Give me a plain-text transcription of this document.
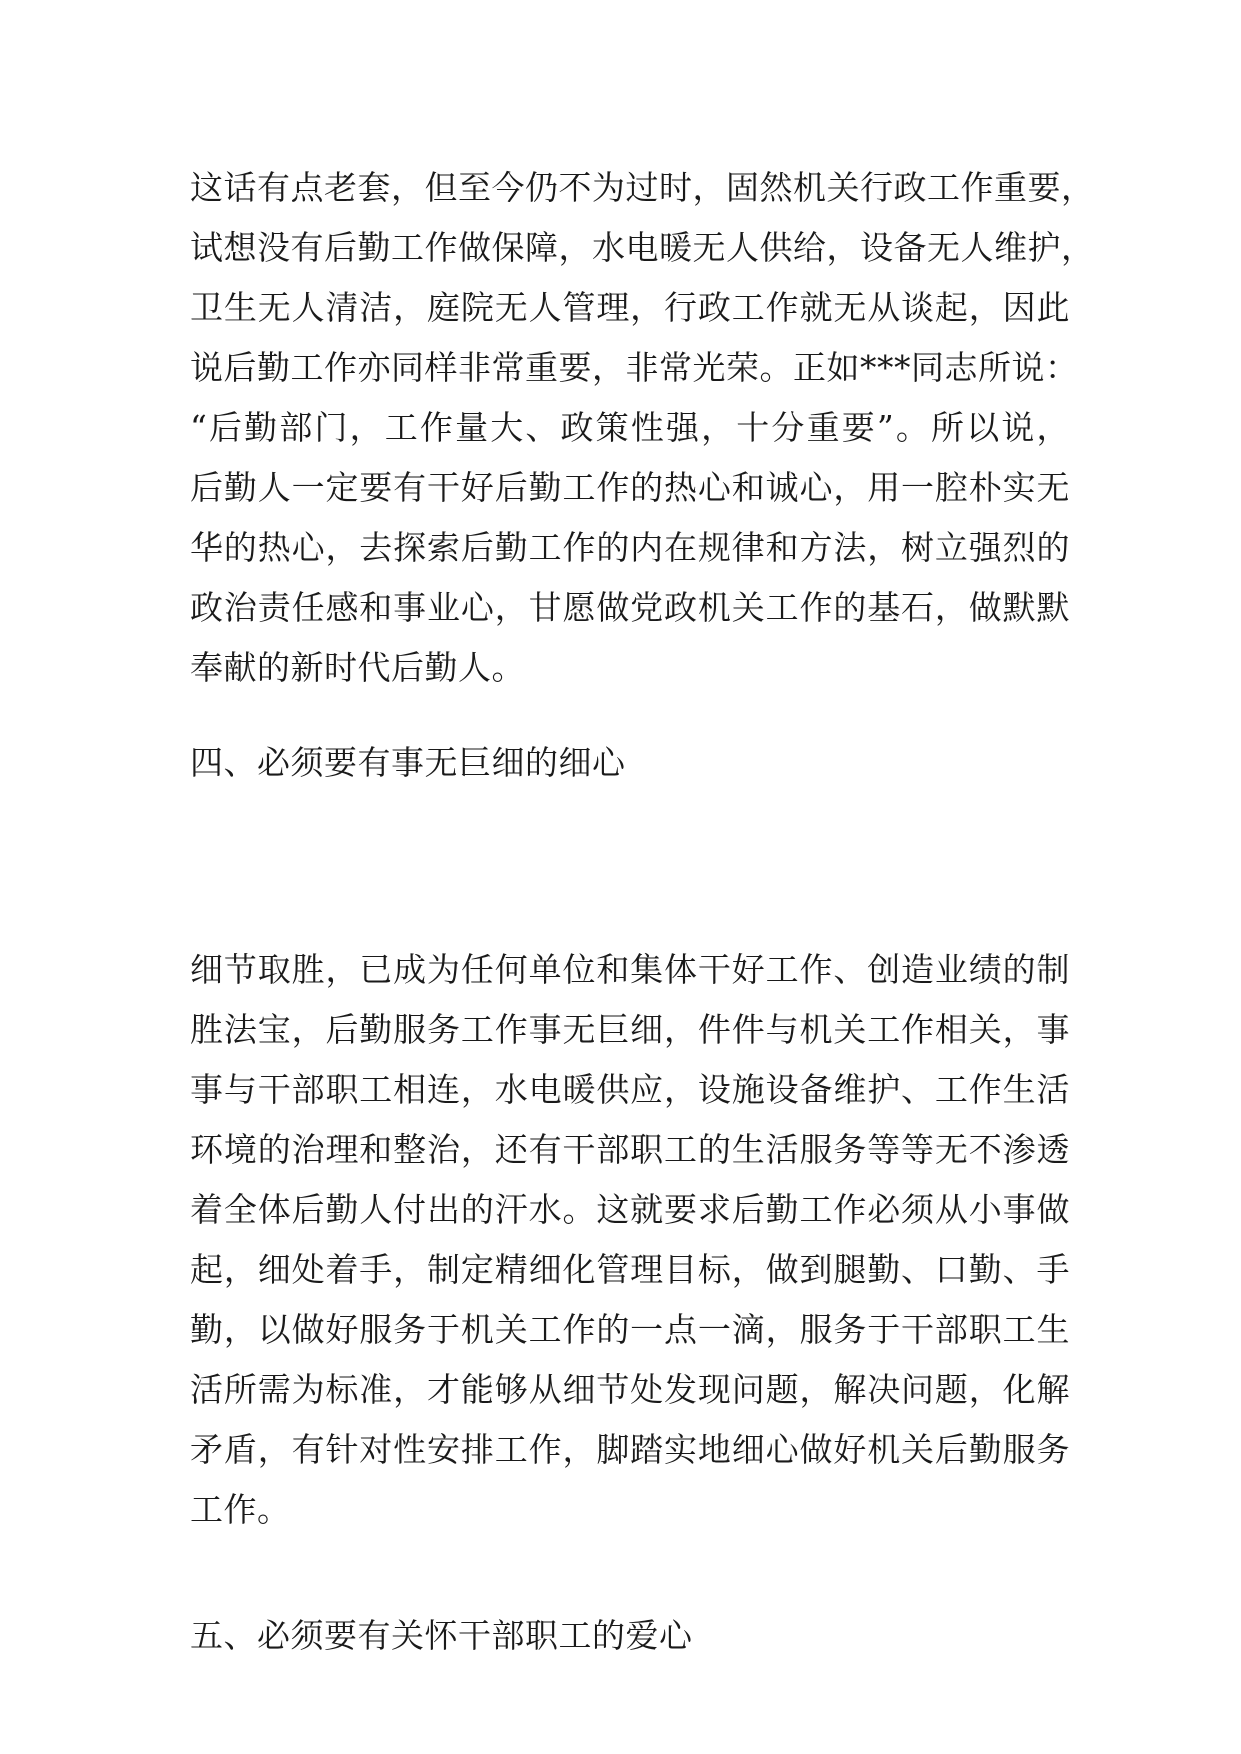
这话有点老套，但至今仍不为过时，固然机关行政工作重要，
试想没有后勤工作做保障，水电暖无人供给，设备无人维护，
卫生无人清洁，庭院无人管理，行政工作就无从谈起，因此
说后勤工作亦同样非常重要，非常光荣。正如***同志所说：
“后勤部门，工作量大、政策性强，十分重要”。所以说，
后勤人一定要有干好后勤工作的热心和诚心，用一腔朴实无
华的热心，去探索后勤工作的内在规律和方法，树立强烈的
政治责任感和事业心，甘愿做党政机关工作的基石，做默默
奉献的新时代后勤人。
四、必须要有事无巨细的细心
细节取胜，已成为任何单位和集体干好工作、创造业绩的制
胜法宝，后勤服务工作事无巨细，件件与机关工作相关，事
事与干部职工相连，水电暖供应，设施设备维护、工作生活
环境的治理和整治，还有干部职工的生活服务等等无不渗透
着全体后勤人付出的汗水。这就要求后勤工作必须从小事做
起，细处着手，制定精细化管理目标，做到腿勤、口勤、手
勤，以做好服务于机关工作的一点一滴，服务于干部职工生
活所需为标准，才能够从细节处发现问题，解决问题，化解
矛盾，有针对性安排工作，脚踏实地细心做好机关后勤服务
工作。
五、必须要有关怀干部职工的爱心
